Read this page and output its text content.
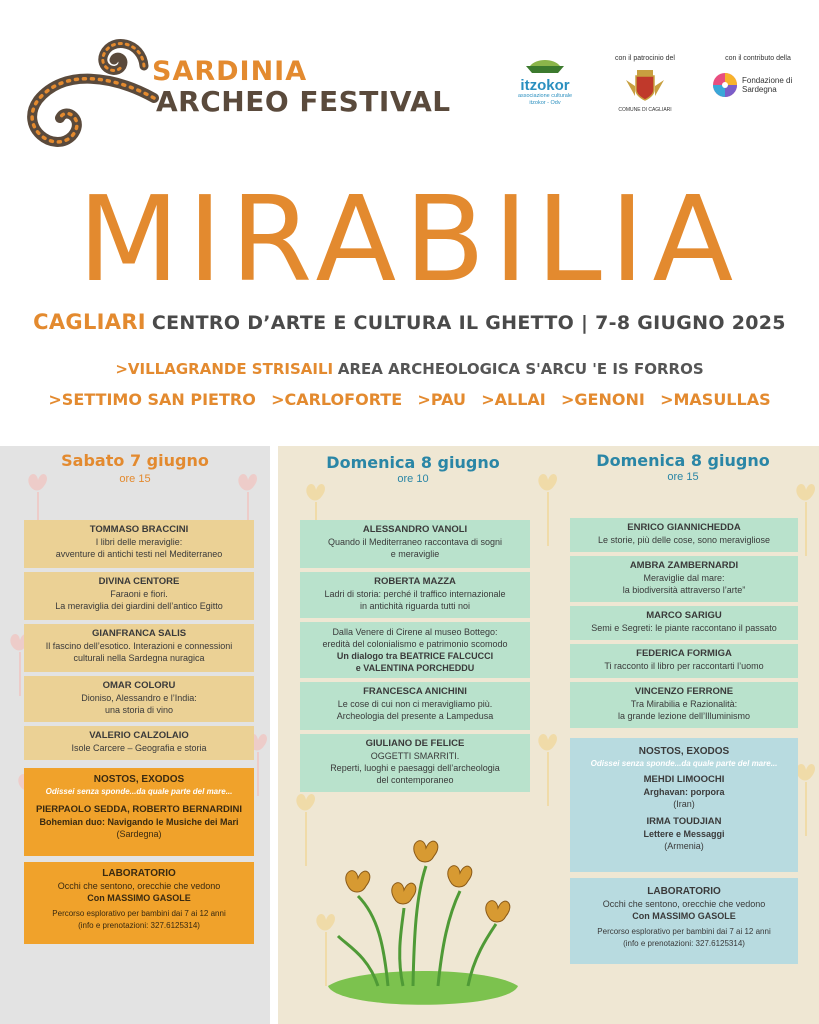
SARDINIA
ARCHEO FESTIVAL	itzokor
associazione culturale itzokor - Odv
con il patrocinio del
COMUNE DI CAGLIARI
con il contributo della
Fondazione di Sardegna
MIRABILIA
CAGLIARI CENTRO D’ARTE E CULTURA IL GHETTO | 7-8 GIUGNO 2025
>VILLAGRANDE STRISAILI AREA ARCHEOLOGICA S'ARCU 'E IS FORROS
>SETTIMO SAN PIETRO >CARLOFORTE >PAU >ALLAI >GENONI >MASULLAS
Sabato 7 giugno
ore 15
TOMMASO BRACCINI
I libri delle meraviglie:
avventure di antichi testi nel Mediterraneo
DIVINA CENTORE
Faraoni e fiori.
La meraviglia dei giardini dell’antico Egitto
GIANFRANCA SALIS
Il fascino dell’esotico. Interazioni e connessioni
culturali nella Sardegna nuragica
OMAR COLORU
Dioniso, Alessandro e l’India:
una storia di vino
VALERIO CALZOLAIO
Isole Carcere – Geografia e storia
NOSTOS, EXODOS
Odissei senza sponde...da quale parte del mare...
PIERPAOLO SEDDA, ROBERTO BERNARDINI
Bohemian duo: Navigando le Musiche dei Mari
(Sardegna)
LABORATORIO
Occhi che sentono, orecchie che vedono
Con MASSIMO GASOLE
Percorso esplorativo per bambini dai 7 ai 12 anni
(info e prenotazioni: 327.6125314)
Domenica 8 giugno
ore 10
ALESSANDRO VANOLI
Quando il Mediterraneo raccontava di sogni
e meraviglie
ROBERTA MAZZA
Ladri di storia: perché il traffico internazionale
in antichità riguarda tutti noi
Dalla Venere di Cirene al museo Bottego:
eredità del colonialismo e patrimonio scomodo
Un dialogo tra BEATRICE FALCUCCI
e VALENTINA PORCHEDDU
FRANCESCA ANICHINI
Le cose di cui non ci meravigliamo più.
Archeologia del presente a Lampedusa
GIULIANO DE FELICE
OGGETTI SMARRITI.
Reperti, luoghi e paesaggi dell’archeologia
del contemporaneo
Domenica 8 giugno
ore 15
ENRICO GIANNICHEDDA
Le storie, più delle cose, sono meravigliose
AMBRA ZAMBERNARDI
Meraviglie dal mare:
la biodiversità attraverso l’arte”
MARCO SARIGU
Semi e Segreti: le piante raccontano il passato
FEDERICA FORMIGA
Ti racconto il libro per raccontarti l’uomo
VINCENZO FERRONE
Tra Mirabilia e Razionalità:
la grande lezione dell’Illuminismo
NOSTOS, EXODOS
Odissei senza sponde...da quale parte del mare...
MEHDI LIMOOCHI
Arghavan: porpora
(Iran)
IRMA TOUDJIAN
Lettere e Messaggi
(Armenia)
LABORATORIO
Occhi che sentono, orecchie che vedono
Con MASSIMO GASOLE
Percorso esplorativo per bambini dai 7 ai 12 anni
(info e prenotazioni: 327.6125314)
